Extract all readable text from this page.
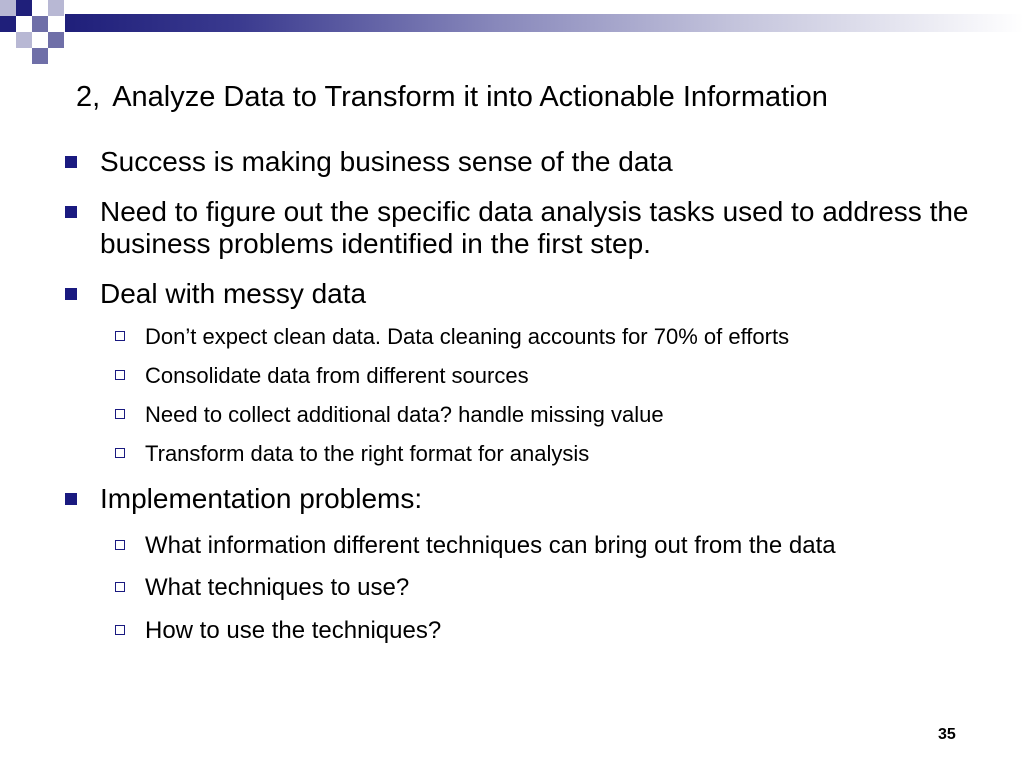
2, Analyze Data to Transform it into Actionable Information
Success is making business sense of the data
Need to figure out the specific data analysis tasks used to address the business problems identified in the first step.
Deal with messy data
Don’t expect clean data. Data cleaning accounts for 70% of efforts
Consolidate data from different sources
Need to collect additional data? handle missing value
Transform data to the right format for analysis
Implementation problems:
What information different techniques can bring out from the data
What techniques to use?
How to use the techniques?
35
